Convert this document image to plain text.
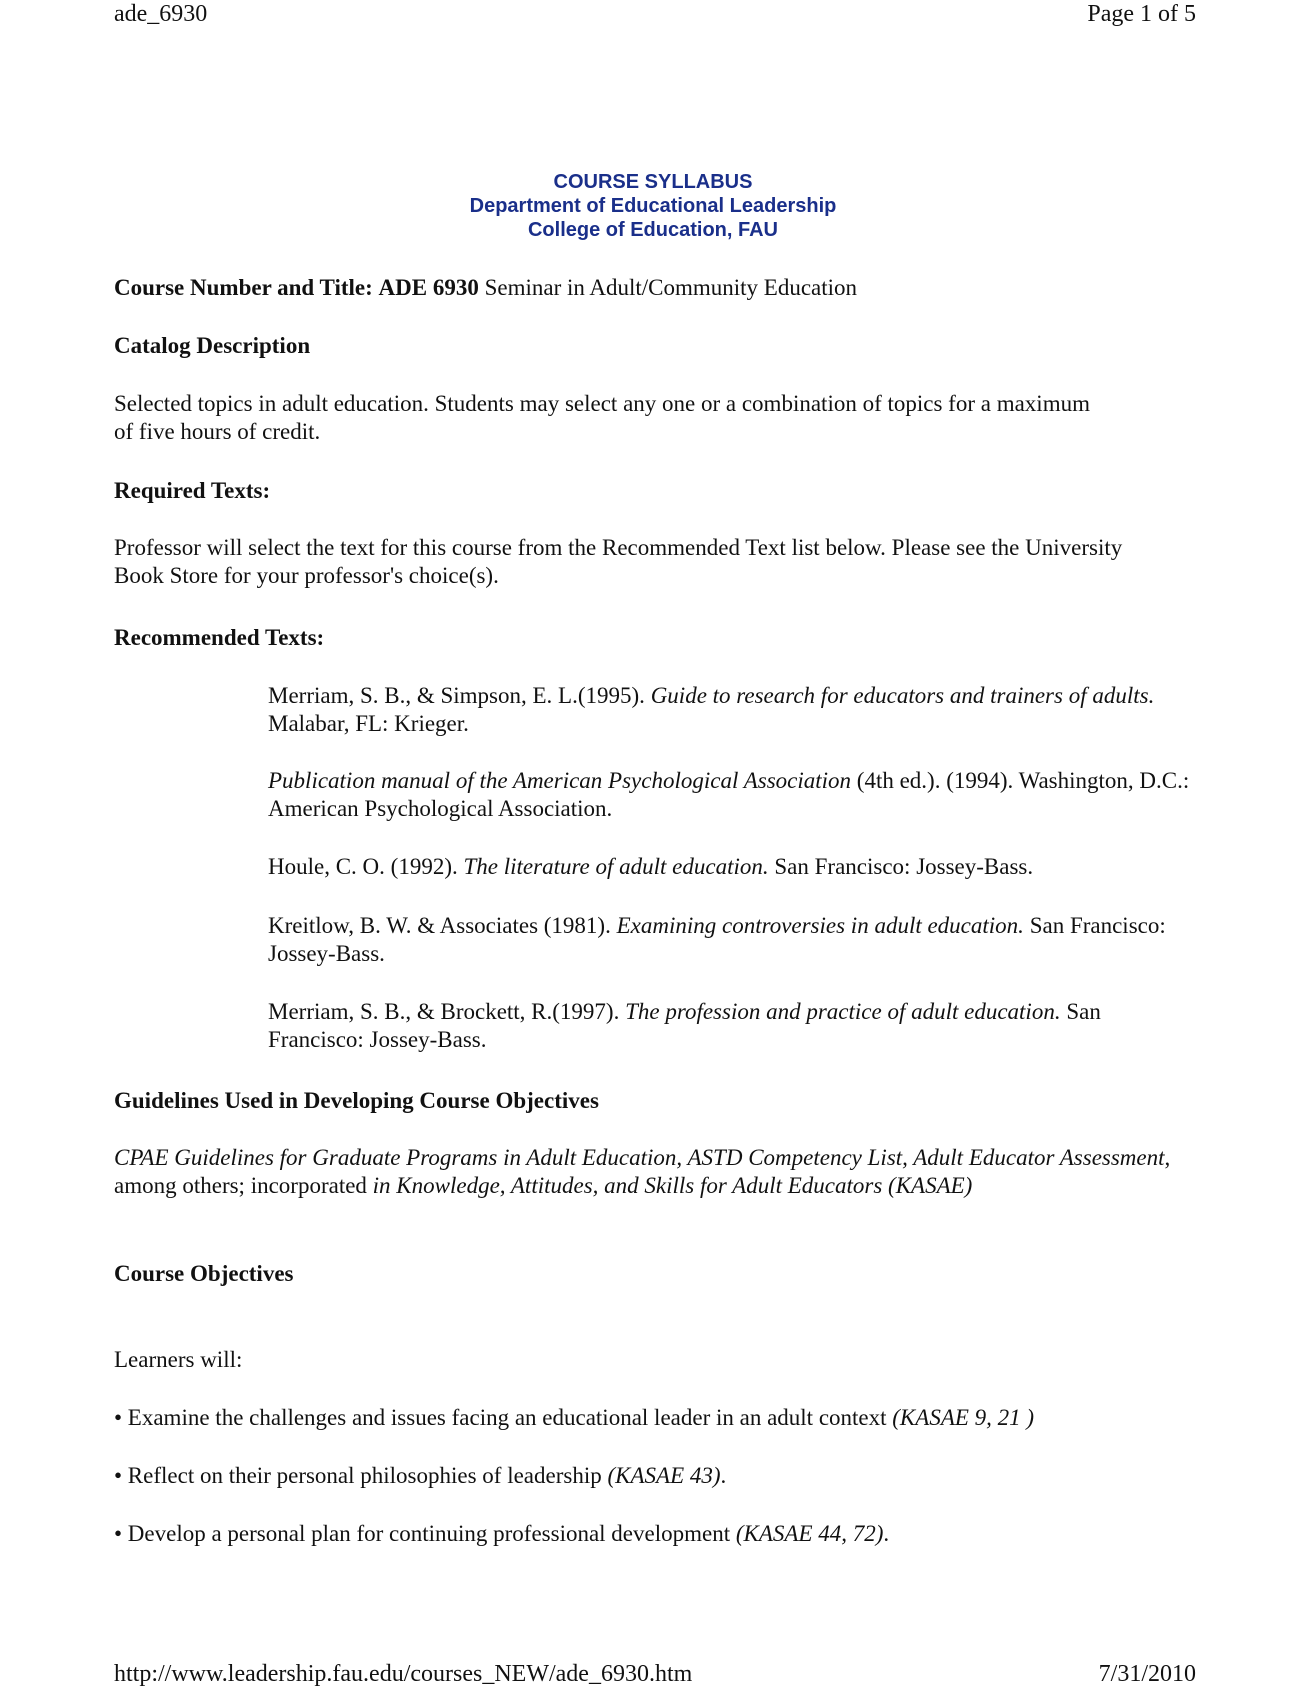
ade_6930	Page 1 of 5
COURSE SYLLABUS
Department of Educational Leadership
College of Education, FAU
Course Number and Title: ADE 6930 Seminar in Adult/Community Education
Catalog Description
Selected topics in adult education. Students may select any one or a combination of topics for a maximum of five hours of credit.
Required Texts:
Professor will select the text for this course from the Recommended Text list below. Please see the University Book Store for your professor's choice(s).
Recommended Texts:
Merriam, S. B., & Simpson, E. L.(1995). Guide to research for educators and trainers of adults. Malabar, FL: Krieger.
Publication manual of the American Psychological Association (4th ed.). (1994). Washington, D.C.: American Psychological Association.
Houle, C. O. (1992). The literature of adult education. San Francisco: Jossey-Bass.
Kreitlow, B. W. & Associates (1981). Examining controversies in adult education. San Francisco: Jossey-Bass.
Merriam, S. B., & Brockett, R.(1997). The profession and practice of adult education. San Francisco: Jossey-Bass.
Guidelines Used in Developing Course Objectives
CPAE Guidelines for Graduate Programs in Adult Education, ASTD Competency List, Adult Educator Assessment, among others; incorporated in Knowledge, Attitudes, and Skills for Adult Educators (KASAE)
Course Objectives
Learners will:
• Examine the challenges and issues facing an educational leader in an adult context (KASAE 9, 21 )
• Reflect on their personal philosophies of leadership (KASAE 43).
• Develop a personal plan for continuing professional development (KASAE 44, 72).
http://www.leadership.fau.edu/courses_NEW/ade_6930.htm	7/31/2010
